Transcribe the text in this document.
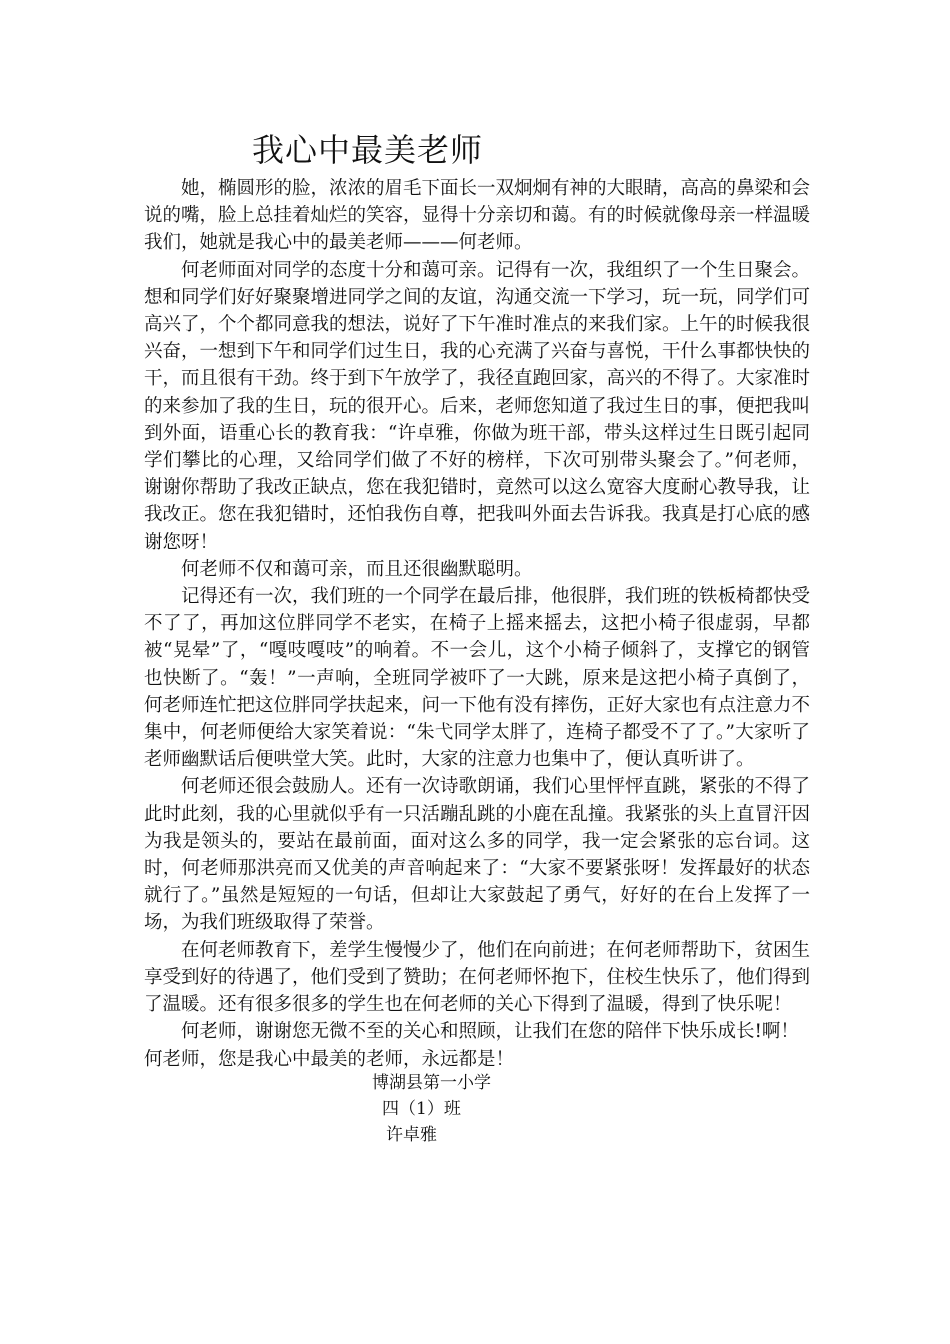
我心中最美老师

她，椭圆形的脸，浓浓的眉毛下面长一双炯炯有神的大眼睛，高高的鼻梁和会说的嘴，脸上总挂着灿烂的笑容，显得十分亲切和蔼。有的时候就像母亲一样温暖我们，她就是我心中的最美老师———何老师。

何老师面对同学的态度十分和蔼可亲。记得有一次，我组织了一个生日聚会。想和同学们好好聚聚增进同学之间的友谊，沟通交流一下学习，玩一玩，同学们可高兴了，个个都同意我的想法，说好了下午准时准点的来我们家。上午的时候我很兴奋，一想到下午和同学们过生日，我的心充满了兴奋与喜悦，干什么事都快快的干，而且很有干劲。终于到下午放学了，我径直跑回家，高兴的不得了。大家准时的来参加了我的生日，玩的很开心。后来，老师您知道了我过生日的事，便把我叫到外面，语重心长的教育我：“许卓雅，你做为班干部，带头这样过生日既引起同学们攀比的心理，又给同学们做了不好的榜样，下次可别带头聚会了。”何老师，谢谢你帮助了我改正缺点，您在我犯错时，竟然可以这么宽容大度耐心教导我，让我改正。您在我犯错时，还怕我伤自尊，把我叫外面去告诉我。我真是打心底的感谢您呀！

何老师不仅和蔼可亲，而且还很幽默聪明。

记得还有一次，我们班的一个同学在最后排，他很胖，我们班的铁板椅都快受不了了，再加这位胖同学不老实，在椅子上摇来摇去，这把小椅子很虚弱，早都被“晃晕”了，“嘎吱嘎吱”的响着。不一会儿，这个小椅子倾斜了，支撑它的钢管也快断了。“轰！”一声响，全班同学被吓了一大跳，原来是这把小椅子真倒了，何老师连忙把这位胖同学扶起来，问一下他有没有摔伤，正好大家也有点注意力不集中，何老师便给大家笑着说：“朱弋同学太胖了，连椅子都受不了了。”大家听了老师幽默话后便哄堂大笑。此时，大家的注意力也集中了，便认真听讲了。

何老师还很会鼓励人。还有一次诗歌朗诵，我们心里怦怦直跳，紧张的不得了此时此刻，我的心里就似乎有一只活蹦乱跳的小鹿在乱撞。我紧张的头上直冒汗因为我是领头的，要站在最前面，面对这么多的同学，我一定会紧张的忘台词。这时，何老师那洪亮而又优美的声音响起来了：“大家不要紧张呀！发挥最好的状态就行了。”虽然是短短的一句话，但却让大家鼓起了勇气，好好的在台上发挥了一场，为我们班级取得了荣誉。

在何老师教育下，差学生慢慢少了，他们在向前进；在何老师帮助下，贫困生享受到好的待遇了，他们受到了赞助；在何老师怀抱下，住校生快乐了，他们得到了温暖。还有很多很多的学生也在何老师的关心下得到了温暖，得到了快乐呢！

何老师，谢谢您无微不至的关心和照顾，让我们在您的陪伴下快乐成长!啊！何老师，您是我心中最美的老师，永远都是！

博湖县第一小学
四（1）班
许卓雅
